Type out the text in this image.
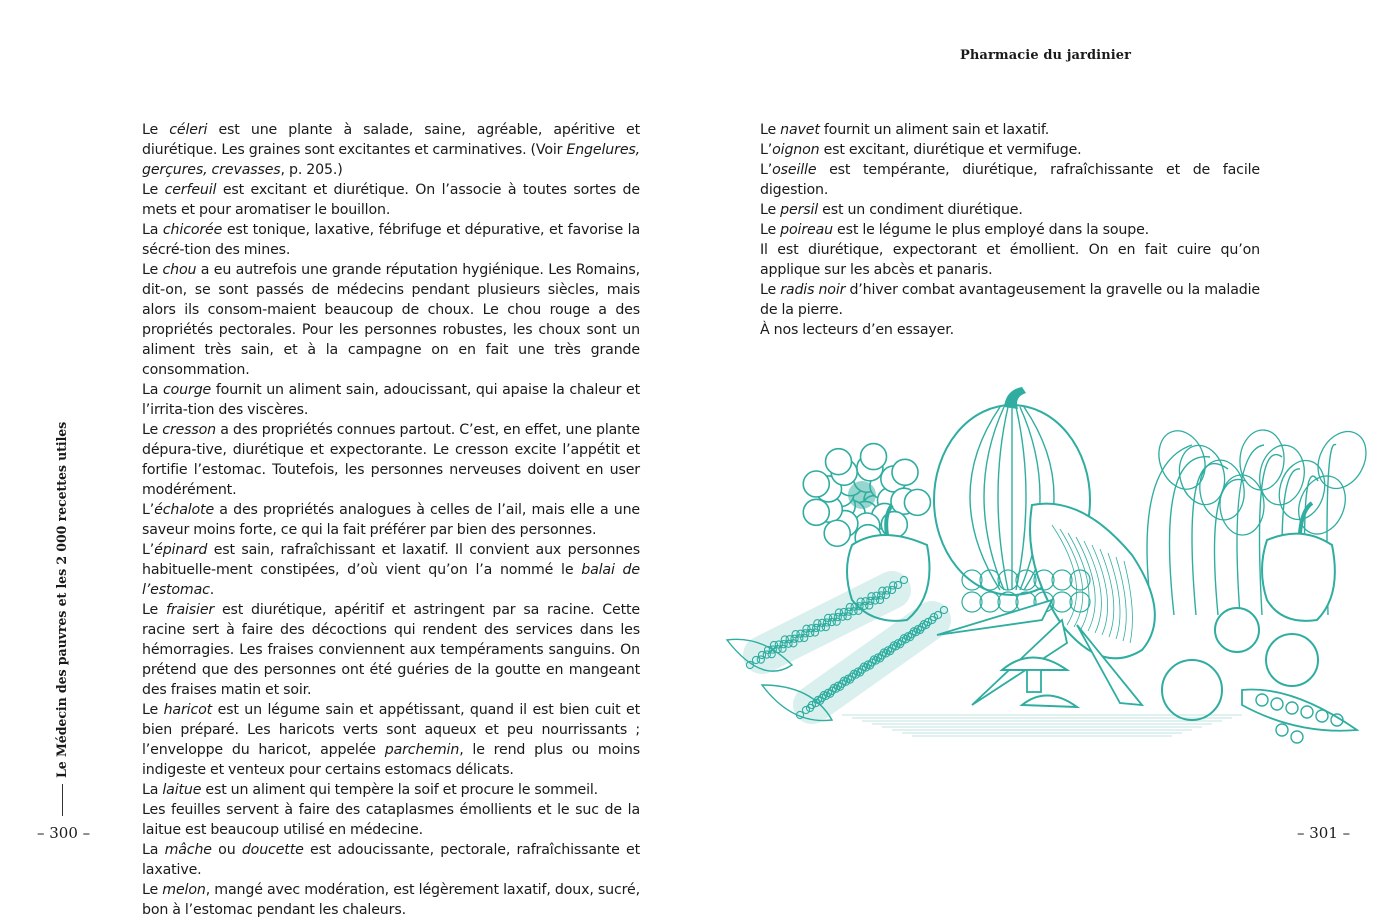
Le céleri est une plante à salade, saine, agréable, apéritive et diurétique. Les graines sont excitantes et carminatives. (Voir Engelures, gerçures, crevasses, p. 205.)

Le cerfeuil est excitant et diurétique. On l’associe à toutes sortes de mets et pour aromatiser le bouillon.

La chicorée est tonique, laxative, fébrifuge et dépurative, et favorise la sécré-tion des mines.

Le chou a eu autrefois une grande réputation hygiénique. Les Romains, dit-on, se sont passés de médecins pendant plusieurs siècles, mais alors ils consom-maient beaucoup de choux. Le chou rouge a des propriétés pectorales. Pour les personnes robustes, les choux sont un aliment très sain, et à la campagne on en fait une très grande consommation.

La courge fournit un aliment sain, adoucissant, qui apaise la chaleur et l’irrita-tion des viscères.

Le cresson a des propriétés connues partout. C’est, en effet, une plante dépura-tive, diurétique et expectorante. Le cresson excite l’appétit et fortifie l’estomac. Toutefois, les personnes nerveuses doivent en user modérément.

L’échalote a des propriétés analogues à celles de l’ail, mais elle a une saveur moins forte, ce qui la fait préférer par bien des personnes.

L’épinard est sain, rafraîchissant et laxatif. Il convient aux personnes habituelle-ment constipées, d’où vient qu’on l’a nommé le balai de l’estomac.

Le fraisier est diurétique, apéritif et astringent par sa racine. Cette racine sert à faire des décoctions qui rendent des services dans les hémorragies. Les fraises conviennent aux tempéraments sanguins. On prétend que des personnes ont été guéries de la goutte en mangeant des fraises matin et soir.

Le haricot est un légume sain et appétissant, quand il est bien cuit et bien préparé. Les haricots verts sont aqueux et peu nourrissants ; l’enveloppe du haricot, appelée parchemin, le rend plus ou moins indigeste et venteux pour certains estomacs délicats.

La laitue est un aliment qui tempère la soif et procure le sommeil.

Les feuilles servent à faire des cataplasmes émollients et le suc de la laitue est beaucoup utilisé en médecine.

La mâche ou doucette est adoucissante, pectorale, rafraîchissante et laxative.

Le melon, mangé avec modération, est légèrement laxatif, doux, sucré, bon à l’estomac pendant les chaleurs.

Le Médecin des pauvres et les 2 000 recettes utiles
– 300 –
Pharmacie du jardinier

Le navet fournit un aliment sain et laxatif.

L’oignon est excitant, diurétique et vermifuge.

L’oseille est tempérante, diurétique, rafraîchissante et de facile digestion.

Le persil est un condiment diurétique.

Le poireau est le légume le plus employé dans la soupe.

Il est diurétique, expectorant et émollient. On en fait cuire qu’on applique sur les abcès et panaris.

Le radis noir d’hiver combat avantageusement la gravelle ou la maladie de la pierre.

À nos lecteurs d’en essayer.

– 301 –
